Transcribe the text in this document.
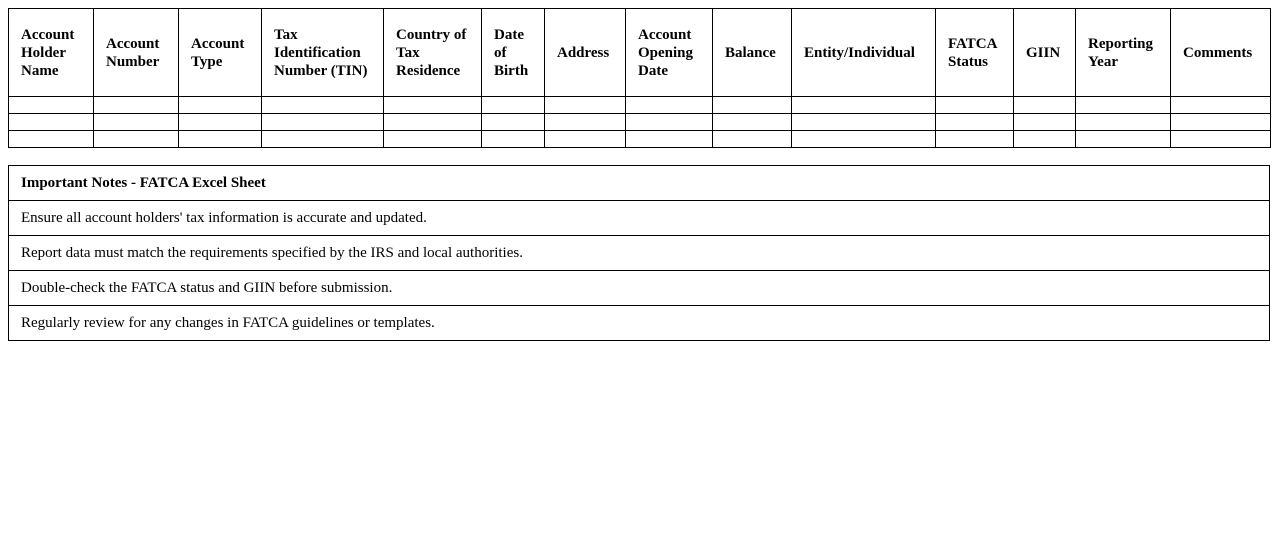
Account Holder Name	Account Number	Account Type	Tax Identification Number (TIN)	Country of Tax Residence	Date of Birth	Address	Account Opening Date	Balance	Entity/Individual	FATCA Status	GIIN	Reporting Year	Comments

Important Notes - FATCA Excel Sheet
Ensure all account holders' tax information is accurate and updated.
Report data must match the requirements specified by the IRS and local authorities.
Double-check the FATCA status and GIIN before submission.
Regularly review for any changes in FATCA guidelines or templates.
